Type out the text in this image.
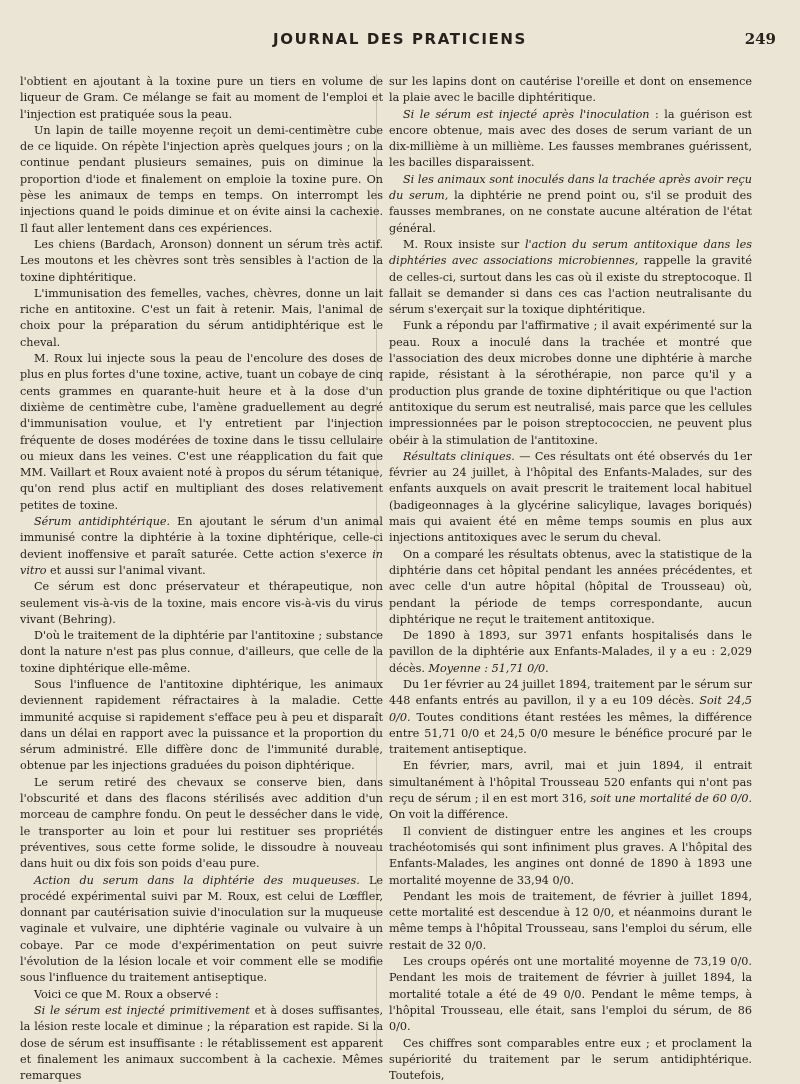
JOURNAL DES PRATICIENS	249

l'obtient en ajoutant à la toxine pure un tiers en volume de liqueur de Gram. Ce mélange se fait au moment de l'emploi et l'injection est pratiquée sous la peau.

Un lapin de taille moyenne reçoit un demi-centimètre cube de ce liquide. On répète l'injection après quelques jours ; on la continue pendant plusieurs semaines, puis on diminue la proportion d'iode et finalement on emploie la toxine pure. On pèse les animaux de temps en temps. On interrompt les injections quand le poids diminue et on évite ainsi la cachexie. Il faut aller lentement dans ces expériences.

Les chiens (Bardach, Aronson) donnent un sérum très actif. Les moutons et les chèvres sont très sensibles à l'action de la toxine diphtéritique.

L'immunisation des femelles, vaches, chèvres, donne un lait riche en antitoxine. C'est un fait à retenir. Mais, l'animal de choix pour la préparation du sérum antidiphtérique est le cheval.

M. Roux lui injecte sous la peau de l'encolure des doses de plus en plus fortes d'une toxine, active, tuant un cobaye de cinq cents grammes en quarante-huit heure et à la dose d'un dixième de centimètre cube, l'amène graduellement au degré d'immunisation voulue, et l'y entretient par l'injection fréquente de doses modérées de toxine dans le tissu cellulaire ou mieux dans les veines. C'est une réapplication du fait que MM. Vaillart et Roux avaient noté à propos du sérum tétanique, qu'on rend plus actif en multipliant des doses relativement petites de toxine.

Sérum antidiphtérique. En ajoutant le sérum d'un animal immunisé contre la diphtérie à la toxine diphtérique, celle-ci devient inoffensive et paraît saturée. Cette action s'exerce in vitro et aussi sur l'animal vivant.

Ce sérum est donc préservateur et thérapeutique, non seulement vis-à-vis de la toxine, mais encore vis-à-vis du virus vivant (Behring).

D'où le traitement de la diphtérie par l'antitoxine ; substance dont la nature n'est pas plus connue, d'ailleurs, que celle de la toxine diphtérique elle-même.

Sous l'influence de l'antitoxine diphtérique, les animaux deviennent rapidement réfractaires à la maladie. Cette immunité acquise si rapidement s'efface peu à peu et disparaît dans un délai en rapport avec la puissance et la proportion du sérum administré. Elle diffère donc de l'immunité durable, obtenue par les injections graduées du poison diphtérique.

Le serum retiré des chevaux se conserve bien, dans l'obscurité et dans des flacons stérilisés avec addition d'un morceau de camphre fondu. On peut le dessécher dans le vide, le transporter au loin et pour lui restituer ses propriétés préventives, sous cette forme solide, le dissoudre à nouveau dans huit ou dix fois son poids d'eau pure.

Action du serum dans la diphtérie des muqueuses. Le procédé expérimental suivi par M. Roux, est celui de Lœffler, donnant par cautérisation suivie d'inoculation sur la muqueuse vaginale et vulvaire, une diphtérie vaginale ou vulvaire à un cobaye. Par ce mode d'expérimentation on peut suivre l'évolution de la lésion locale et voir comment elle se modifie sous l'influence du traitement antiseptique.

Voici ce que M. Roux a observé :

Si le sérum est injecté primitivement et à doses suffisantes, la lésion reste locale et diminue ; la réparation est rapide. Si la dose de sérum est insuffisante : le rétablissement est apparent et finalement les animaux succombent à la cachexie. Mêmes remarques

sur les lapins dont on cautérise l'oreille et dont on ensemence la plaie avec le bacille diphtéritique.

Si le sérum est injecté après l'inoculation : la guérison est encore obtenue, mais avec des doses de serum variant de un dix-millième à un millième. Les fausses membranes guérissent, les bacilles disparaissent.

Si les animaux sont inoculés dans la trachée après avoir reçu du serum, la diphtérie ne prend point ou, s'il se produit des fausses membranes, on ne constate aucune altération de l'état général.

M. Roux insiste sur l'action du serum antitoxique dans les diphtéries avec associations microbiennes, rappelle la gravité de celles-ci, surtout dans les cas où il existe du streptocoque. Il fallait se demander si dans ces cas l'action neutralisante du sérum s'exerçait sur la toxique diphtéritique.

Funk a répondu par l'affirmative ; il avait expérimenté sur la peau. Roux a inoculé dans la trachée et montré que l'association des deux microbes donne une diphtérie à marche rapide, résistant à la sérothérapie, non parce qu'il y a production plus grande de toxine diphtéritique ou que l'action antitoxique du serum est neutralisé, mais parce que les cellules impressionnées par le poison streptococcien, ne peuvent plus obéir à la stimulation de l'antitoxine.

Résultats cliniques. — Ces résultats ont été observés du 1er février au 24 juillet, à l'hôpital des Enfants-Malades, sur des enfants auxquels on avait prescrit le traitement local habituel (badigeonnages à la glycérine salicylique, lavages boriqués) mais qui avaient été en même temps soumis en plus aux injections antitoxiques avec le serum du cheval.

On a comparé les résultats obtenus, avec la statistique de la diphtérie dans cet hôpital pendant les années précédentes, et avec celle d'un autre hôpital (hôpital de Trousseau) où, pendant la période de temps correspondante, aucun diphtérique ne reçut le traitement antitoxique.

De 1890 à 1893, sur 3971 enfants hospitalisés dans le pavillon de la diphtérie aux Enfants-Malades, il y a eu : 2,029 décès. Moyenne : 51,71 0/0.

Du 1er février au 24 juillet 1894, traitement par le sérum sur 448 enfants entrés au pavillon, il y a eu 109 décès. Soit 24,5 0/0. Toutes conditions étant restées les mêmes, la différence entre 51,71 0/0 et 24,5 0/0 mesure le bénéfice procuré par le traitement antiseptique.

En février, mars, avril, mai et juin 1894, il entrait simultanément à l'hôpital Trousseau 520 enfants qui n'ont pas reçu de sérum ; il en est mort 316, soit une mortalité de 60 0/0. On voit la différence.

Il convient de distinguer entre les angines et les croups trachéotomisés qui sont infiniment plus graves. A l'hôpital des Enfants-Malades, les angines ont donné de 1890 à 1893 une mortalité moyenne de 33,94 0/0.

Pendant les mois de traitement, de février à juillet 1894, cette mortalité est descendue à 12 0/0, et néanmoins durant le même temps à l'hôpital Trousseau, sans l'emploi du sérum, elle restait de 32 0/0.

Les croups opérés ont une mortalité moyenne de 73,19 0/0. Pendant les mois de traitement de février à juillet 1894, la mortalité totale a été de 49 0/0. Pendant le même temps, à l'hôpital Trousseau, elle était, sans l'emploi du sérum, de 86 0/0.

Ces chiffres sont comparables entre eux ; et proclament la supériorité du traitement par le serum antidiphtérique. Toutefois,
